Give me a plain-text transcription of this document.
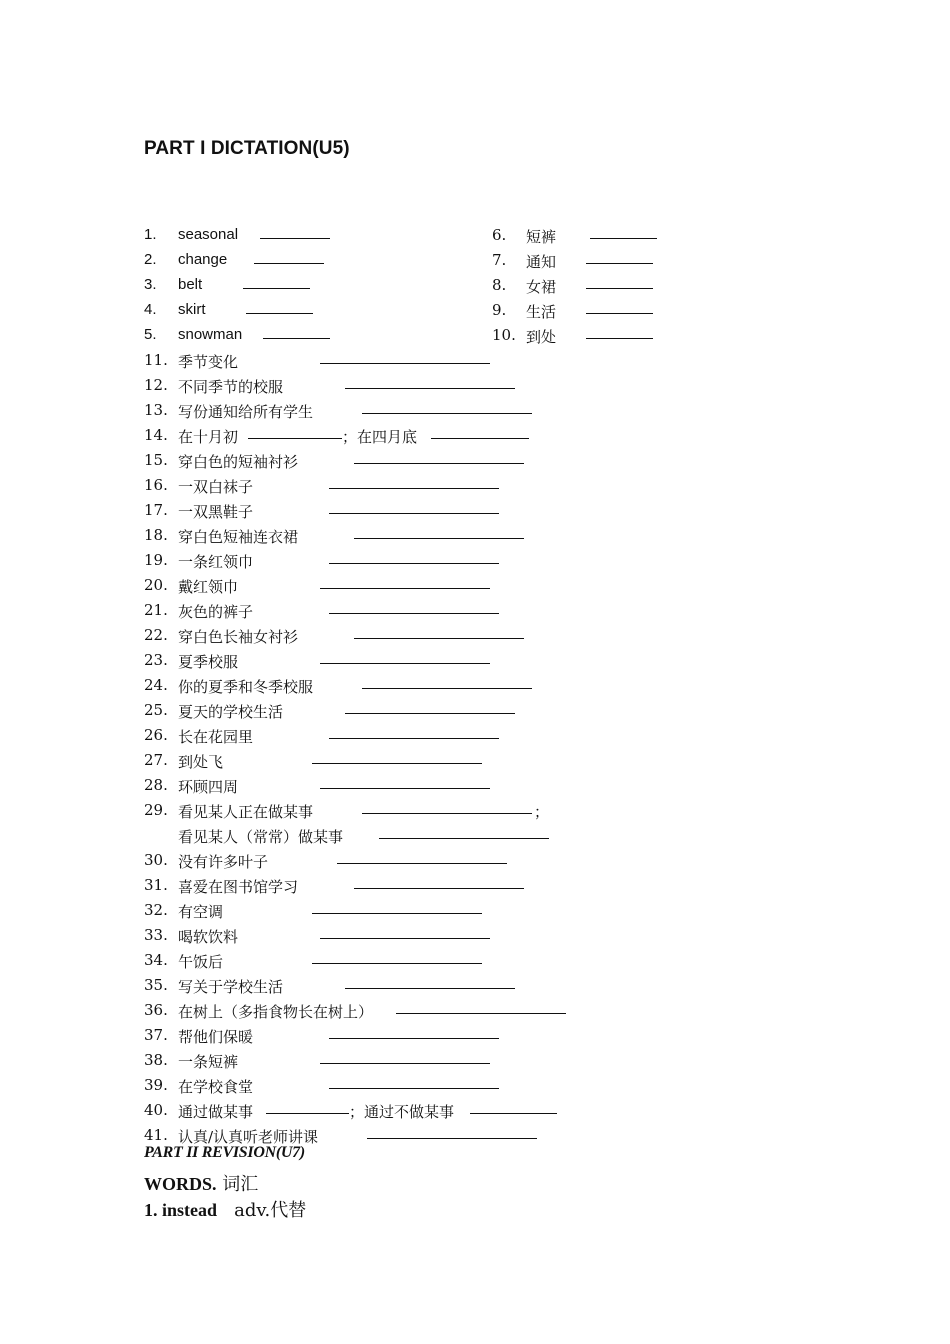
PART I DICTATION(U5)
1.	seasonal
2.	change
3.	belt
4.	skirt
5.	snowman
6.	短裤
7.	通知
8.	女裙
9.	生活
10. 到处
11. 季节变化
12. 不同季节的校服
13. 写份通知给所有学生
14. 在十月初	；在四月底
15. 穿白色的短袖衬衫
16. 一双白袜子
17. 一双黑鞋子
18. 穿白色短袖连衣裙
19. 一条红领巾
20. 戴红领巾
21. 灰色的裤子
22. 穿白色长袖女衬衫
23. 夏季校服
24. 你的夏季和冬季校服
25. 夏天的学校生活
26. 长在花园里
27. 到处飞
28. 环顾四周
29. 看见某人正在做某事	；
看见某人（常常）做某事
30. 没有许多叶子
31. 喜爱在图书馆学习
32. 有空调
33. 喝软饮料
34. 午饭后
35. 写关于学校生活
36. 在树上（多指食物长在树上）
37. 帮他们保暖
38. 一条短裤
39. 在学校食堂
40. 通过做某事	；通过不做某事
41. 认真/认真听老师讲课
PART II REVISION(U7)
WORDS. 词汇
1. instead   adv.代替
